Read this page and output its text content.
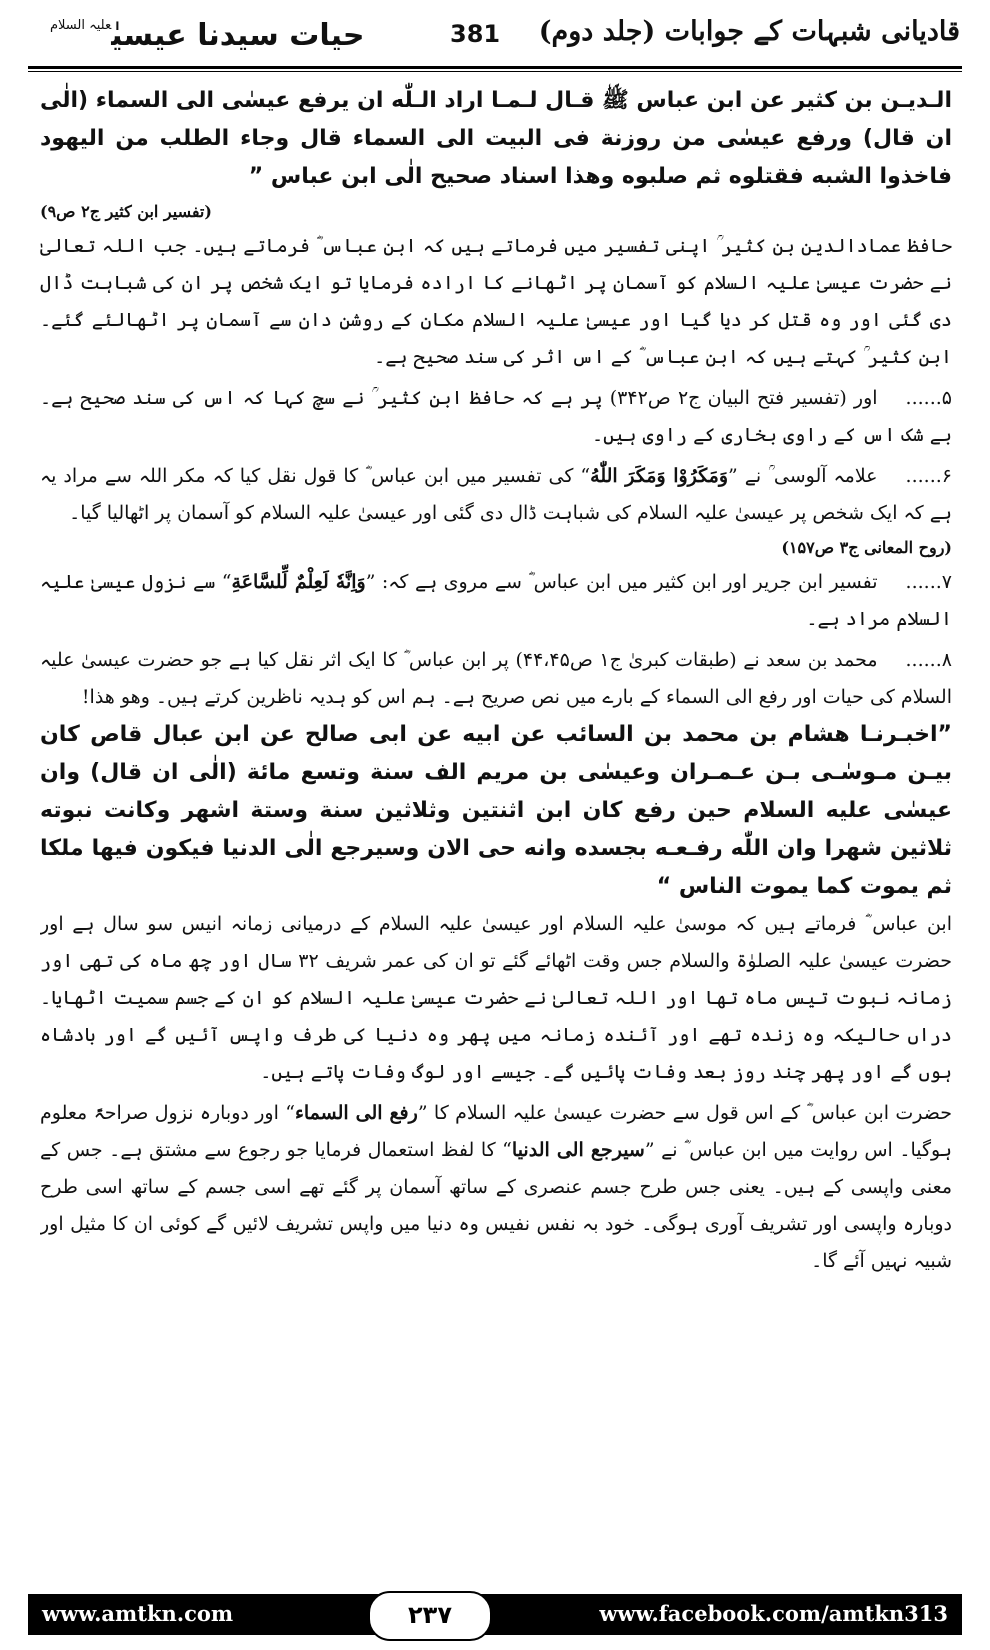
قادیانی شبہات کے جوابات (جلد دوم)
381
حیات سیدنا عیسیٰ$^{علیہ السلام}$

الـديـن بن كثير عن ابن عباس ﷺ قـال لـمـا اراد الـلّٰه ان يرفع عيسٰى الى السماء (الٰى ان قال) ورفع عيسٰى من روزنة فى البيت الى السماء قال وجاء الطلب من اليهود فاخذوا الشبه فقتلوه ثم صلبوه وهذا اسناد صحيح الٰى ابن عباس ”

(تفسیر ابن کثیر ج۲ ص۹)

حافظ عمادالدین بن کثیر ؒ اپنی تفسیر میں فرماتے ہیں کہ ابن عباس ؓ فرماتے ہیں۔ جب اللہ تعالیٰ نے حضرت عیسیٰ علیہ السلام کو آسمان پر اٹھانے کا ارادہ فرمایا تو ایک شخص پر ان کی شباہت ڈال دی گئی اور وہ قتل کر دیا گیا اور عیسیٰ علیہ السلام مکان کے روشن دان سے آسمان پر اٹھالئے گئے۔ ابن کثیر ؒ کہتے ہیں کہ ابن عباس ؓ کے اس اثر کی سند صحیح ہے۔

۵......اور (تفسیر فتح البیان ج۲ ص۳۴۲) پر ہے کہ حافظ ابن کثیر ؒ نے سچ کہا کہ اس کی سند صحیح ہے۔ بے شک اس کے راوی بخاری کے راوی ہیں۔

۶......علامہ آلوسی ؒ نے ”وَمَكَرُوْا وَمَكَرَ اللّٰهُ“ کی تفسیر میں ابن عباس ؓ کا قول نقل کیا کہ مکر اللہ سے مراد یہ ہے کہ ایک شخص پر عیسیٰ علیہ السلام کی شباہت ڈال دی گئی اور عیسیٰ علیہ السلام کو آسمان پر اٹھالیا گیا۔

(روح المعانی ج۳ ص۱۵۷)

۷......تفسیر ابن جریر اور ابن کثیر میں ابن عباس ؓ سے مروی ہے کہ: ”وَاِنَّهٗ لَعِلْمٌ لِّلسَّاعَةِ“ سے نزول عیسیٰ علیہ السلام مراد ہے۔

۸......محمد بن سعد نے (طبقات کبریٰ ج۱ ص۴۴،۴۵) پر ابن عباس ؓ کا ایک اثر نقل کیا ہے جو حضرت عیسیٰ علیہ السلام کی حیات اور رفع الی السماء کے بارے میں نص صریح ہے۔ ہم اس کو ہدیہ ناظرین کرتے ہیں۔ وھو ھذا!

”اخبـرنـا هشام بن محمد بن السائب عن ابيه عن ابى صالح عن ابن عبال قاص كان بيـن مـوسٰـى بـن عـمـران وعيسٰى بن مريم الف سنة وتسع مائة (الٰى ان قال) وان عيسٰى عليه السلام حين رفع كان ابن اثنتين وثلاثين سنة وستة اشهر وكانت نبوته ثلاثين شهرا وان اللّٰه رفـعـه بجسده وانه حى الان وسيرجع الٰى الدنيا فيكون فيها ملكا ثم يموت كما يموت الناس “

ابن عباس ؓ فرماتے ہیں کہ موسیٰ علیہ السلام اور عیسیٰ علیہ السلام کے درمیانی زمانہ انیس سو سال ہے اور حضرت عیسیٰ علیہ الصلوٰۃ والسلام جس وقت اٹھائے گئے تو ان کی عمر شریف ۳۲ سال اور چھ ماہ کی تھی اور زمانہ نبوت تیس ماہ تھا اور اللہ تعالیٰ نے حضرت عیسیٰ علیہ السلام کو ان کے جسم سمیت اٹھایا۔ دراں حالیکہ وہ زندہ تھے اور آئندہ زمانہ میں پھر وہ دنیا کی طرف واپس آئیں گے اور بادشاہ ہوں گے اور پھر چند روز بعد وفات پائیں گے۔ جیسے اور لوگ وفات پاتے ہیں۔

حضرت ابن عباس ؓ کے اس قول سے حضرت عیسیٰ علیہ السلام کا ”رفع الى السماء“ اور دوبارہ نزول صراحۃً معلوم ہوگیا۔ اس روایت میں ابن عباس ؓ نے ”سيرجع الى الدنيا“ کا لفظ استعمال فرمایا جو رجوع سے مشتق ہے۔ جس کے معنی واپسی کے ہیں۔ یعنی جس طرح جسم عنصری کے ساتھ آسمان پر گئے تھے اسی جسم کے ساتھ اسی طرح دوبارہ واپسی اور تشریف آوری ہوگی۔ خود بہ نفس نفیس وہ دنیا میں واپس تشریف لائیں گے کوئی ان کا مثیل اور شبیہ نہیں آئے گا۔

www.amtkn.com	۲۳۷	www.facebook.com/amtkn313
